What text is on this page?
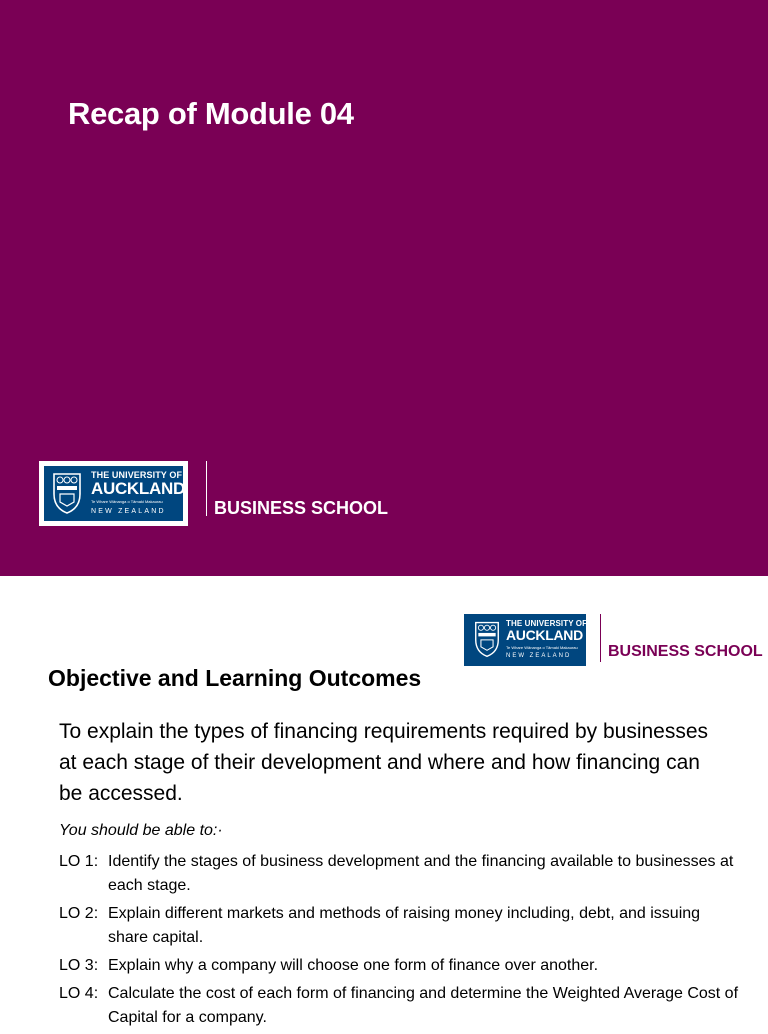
Recap of Module 04
THE UNIVERSITY OF
AUCKLAND
Te Whare Wānanga o Tāmaki Makaurau
NEW ZEALAND	BUSINESS SCHOOL
THE UNIVERSITY OF
AUCKLAND
Te Whare Wānanga o Tāmaki Makaurau
NEW ZEALAND BUSINESS SCHOOL
Objective and Learning Outcomes
To explain the types of financing requirements required by businesses at each stage of their development and where and how financing can be accessed.
You should be able to:·
LO 1: Identify the stages of business development and the financing available to businesses at each stage.
LO 2: Explain different markets and methods of raising money including, debt, and issuing share capital.
LO 3: Explain why a company will choose one form of finance over another.
LO 4: Calculate the cost of each form of financing and determine the Weighted Average Cost of Capital for a company.
